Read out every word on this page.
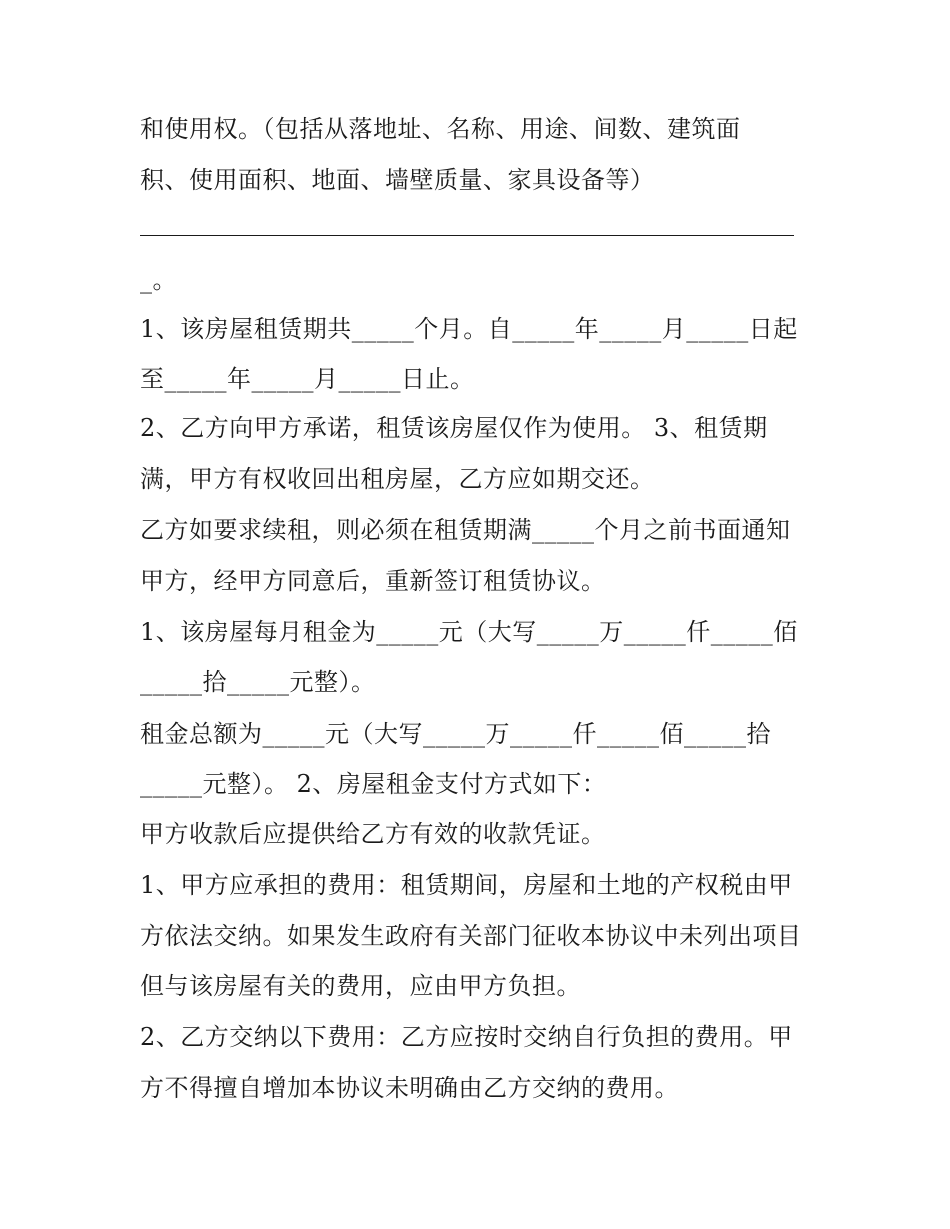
和使用权。（包括从落地址、名称、用途、间数、建筑面
积、使用面积、地面、墙壁质量、家具设备等）
_。
1、该房屋租赁期共_____个月。自_____年_____月_____日起
至_____年_____月_____日止。
2、乙方向甲方承诺，租赁该房屋仅作为使用。 3、租赁期
满，甲方有权收回出租房屋，乙方应如期交还。
乙方如要求续租，则必须在租赁期满_____个月之前书面通知
甲方，经甲方同意后，重新签订租赁协议。
1、该房屋每月租金为_____元（大写_____万_____仟_____佰
_____拾_____元整）。
租金总额为_____元（大写_____万_____仟_____佰_____拾
_____元整）。 2、房屋租金支付方式如下：
甲方收款后应提供给乙方有效的收款凭证。
1、甲方应承担的费用：租赁期间，房屋和土地的产权税由甲
方依法交纳。如果发生政府有关部门征收本协议中未列出项目
但与该房屋有关的费用，应由甲方负担。
2、乙方交纳以下费用：乙方应按时交纳自行负担的费用。甲
方不得擅自增加本协议未明确由乙方交纳的费用。
